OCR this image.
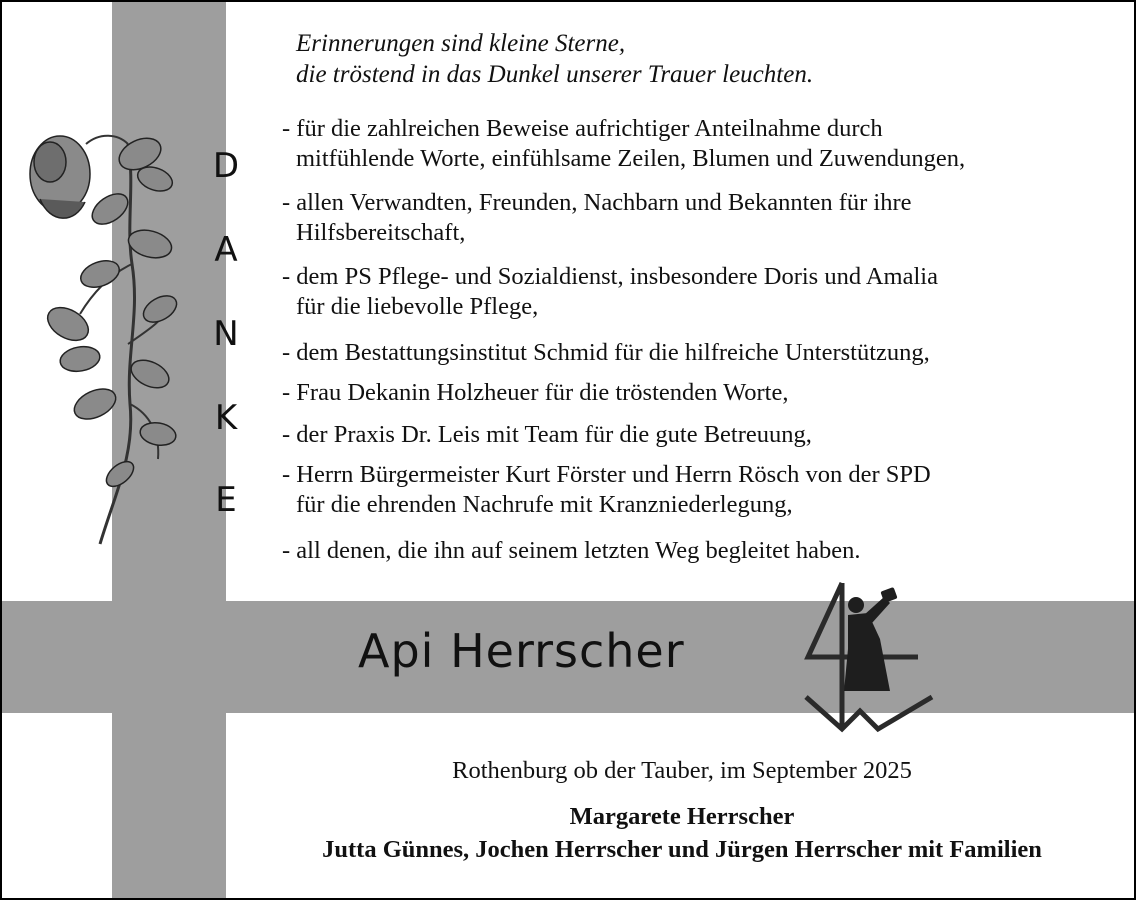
Erinnerungen sind kleine Sterne,
die tröstend in das Dunkel unserer Trauer leuchten.
D
A
N
K
E
- für die zahlreichen Beweise aufrichtiger Anteilnahme durch
mitfühlende Worte, einfühlsame Zeilen, Blumen und Zuwendungen,
- allen Verwandten, Freunden, Nachbarn und Bekannten für ihre
Hilfsbereitschaft,
- dem PS Pflege- und Sozialdienst, insbesondere Doris und Amalia
für die liebevolle Pflege,
- dem Bestattungsinstitut Schmid für die hilfreiche Unterstützung,
- Frau Dekanin Holzheuer für die tröstenden Worte,
- der Praxis Dr. Leis mit Team für die gute Betreuung,
- Herrn Bürgermeister Kurt Förster und Herrn Rösch von der SPD
für die ehrenden Nachrufe mit Kranzniederlegung,
- all denen, die ihn auf seinem letzten Weg begleitet haben.
Api Herrscher
Rothenburg ob der Tauber, im September 2025
Margarete Herrscher
Jutta Günnes, Jochen Herrscher und Jürgen Herrscher mit Familien
